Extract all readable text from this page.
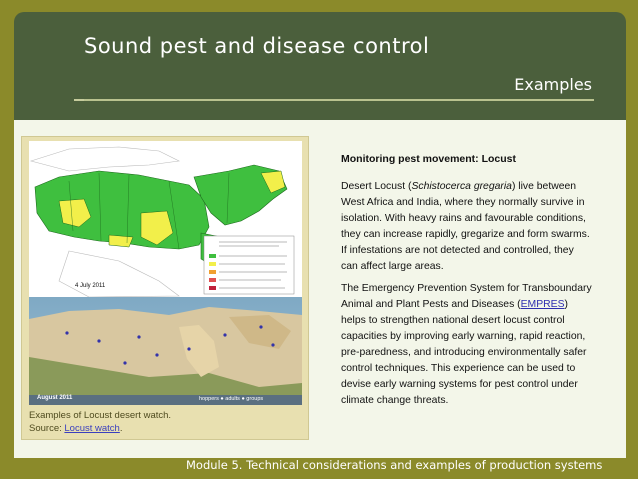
Sound pest and disease control
Examples
4 July 2011
August 2011	hoppers ● adults ● groups
Examples of Locust desert watch.
Source: Locust watch.

Monitoring pest movement: Locust

Desert Locust (Schistocerca gregaria) live between West Africa and India, where they normally survive in isolation. With heavy rains and favourable conditions, they can increase rapidly, gregarize and form swarms. If infestations are not detected and controlled, they can affect large areas.

The Emergency Prevention System for Transboundary Animal and Plant Pests and Diseases (EMPRES) helps to strengthen national desert locust control capacities by improving early warning, rapid reaction, pre-paredness, and introducing environmentally safer control techniques. This experience can be used to devise early warning systems for pest control under climate change threats.

Module 5. Technical considerations and examples of production systems
